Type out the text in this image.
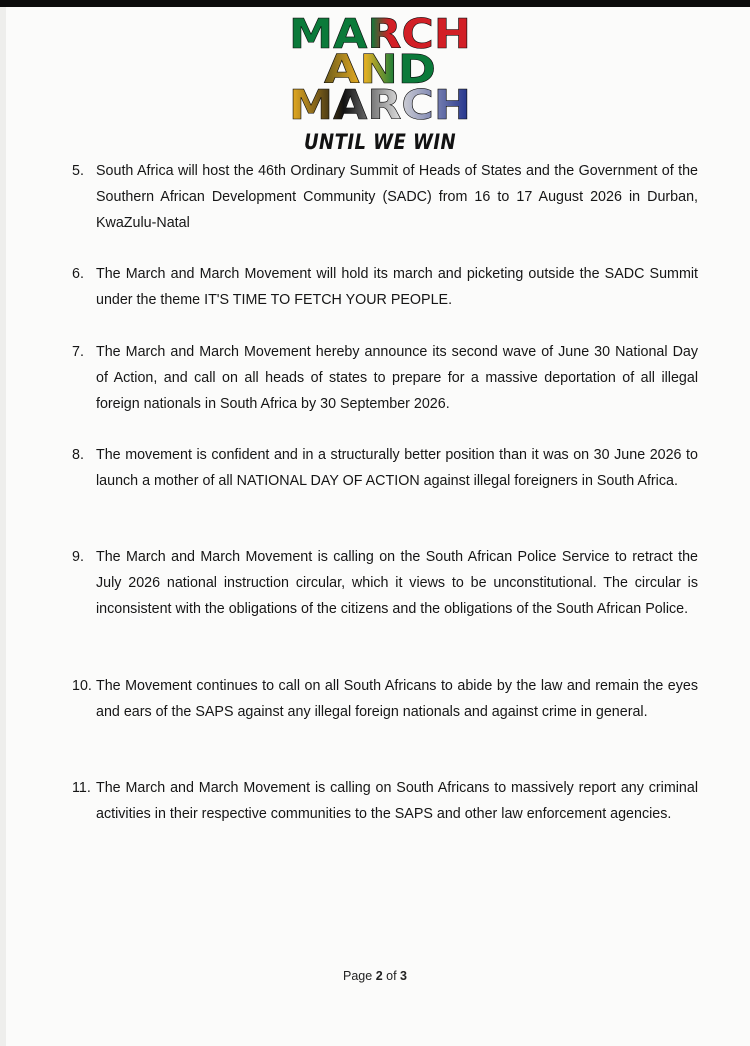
MARCH
AND
MARCH
UNTIL WE WIN
5. South Africa will host the 46th Ordinary Summit of Heads of States and the Government of the Southern African Development Community (SADC) from 16 to 17 August 2026 in Durban, KwaZulu-Natal
6. The March and March Movement will hold its march and picketing outside the SADC Summit under the theme IT'S TIME TO FETCH YOUR PEOPLE.
7. The March and March Movement hereby announce its second wave of June 30 National Day of Action, and call on all heads of states to prepare for a massive deportation of all illegal foreign nationals in South Africa by 30 September 2026.
8. The movement is confident and in a structurally better position than it was on 30 June 2026 to launch a mother of all NATIONAL DAY OF ACTION against illegal foreigners in South Africa.
9. The March and March Movement is calling on the South African Police Service to retract the July 2026 national instruction circular, which it views to be unconstitutional. The circular is inconsistent with the obligations of the citizens and the obligations of the South African Police.
10. The Movement continues to call on all South Africans to abide by the law and remain the eyes and ears of the SAPS against any illegal foreign nationals and against crime in general.
11. The March and March Movement is calling on South Africans to massively report any criminal activities in their respective communities to the SAPS and other law enforcement agencies.
Page 2 of 3
